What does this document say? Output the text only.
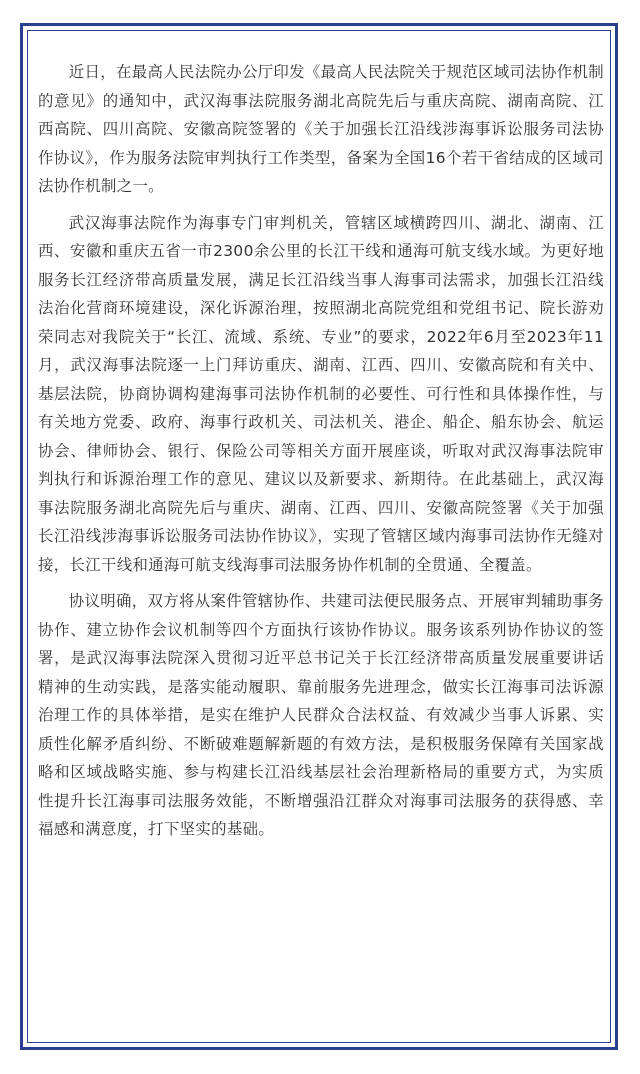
近日，在最高人民法院办公厅印发《最高人民法院关于规范区域司法协作机制的意见》的通知中，武汉海事法院服务湖北高院先后与重庆高院、湖南高院、江西高院、四川高院、安徽高院签署的《关于加强长江沿线涉海事诉讼服务司法协作协议》，作为服务法院审判执行工作类型，备案为全国16个若干省结成的区域司法协作机制之一。

武汉海事法院作为海事专门审判机关，管辖区域横跨四川、湖北、湖南、江西、安徽和重庆五省一市2300余公里的长江干线和通海可航支线水域。为更好地服务长江经济带高质量发展，满足长江沿线当事人海事司法需求，加强长江沿线法治化营商环境建设，深化诉源治理，按照湖北高院党组和党组书记、院长游劝荣同志对我院关于“长江、流域、系统、专业”的要求，2022年6月至2023年11月，武汉海事法院逐一上门拜访重庆、湖南、江西、四川、安徽高院和有关中、基层法院，协商协调构建海事司法协作机制的必要性、可行性和具体操作性，与有关地方党委、政府、海事行政机关、司法机关、港企、船企、船东协会、航运协会、律师协会、银行、保险公司等相关方面开展座谈，听取对武汉海事法院审判执行和诉源治理工作的意见、建议以及新要求、新期待。在此基础上，武汉海事法院服务湖北高院先后与重庆、湖南、江西、四川、安徽高院签署《关于加强长江沿线涉海事诉讼服务司法协作协议》，实现了管辖区域内海事司法协作无缝对接，长江干线和通海可航支线海事司法服务协作机制的全贯通、全覆盖。

协议明确，双方将从案件管辖协作、共建司法便民服务点、开展审判辅助事务协作、建立协作会议机制等四个方面执行该协作协议。服务该系列协作协议的签署，是武汉海事法院深入贯彻习近平总书记关于长江经济带高质量发展重要讲话精神的生动实践，是落实能动履职、靠前服务先进理念，做实长江海事司法诉源治理工作的具体举措，是实在维护人民群众合法权益、有效减少当事人诉累、实质性化解矛盾纠纷、不断破难题解新题的有效方法，是积极服务保障有关国家战略和区域战略实施、参与构建长江沿线基层社会治理新格局的重要方式，为实质性提升长江海事司法服务效能，不断增强沿江群众对海事司法服务的获得感、幸福感和满意度，打下坚实的基础。
